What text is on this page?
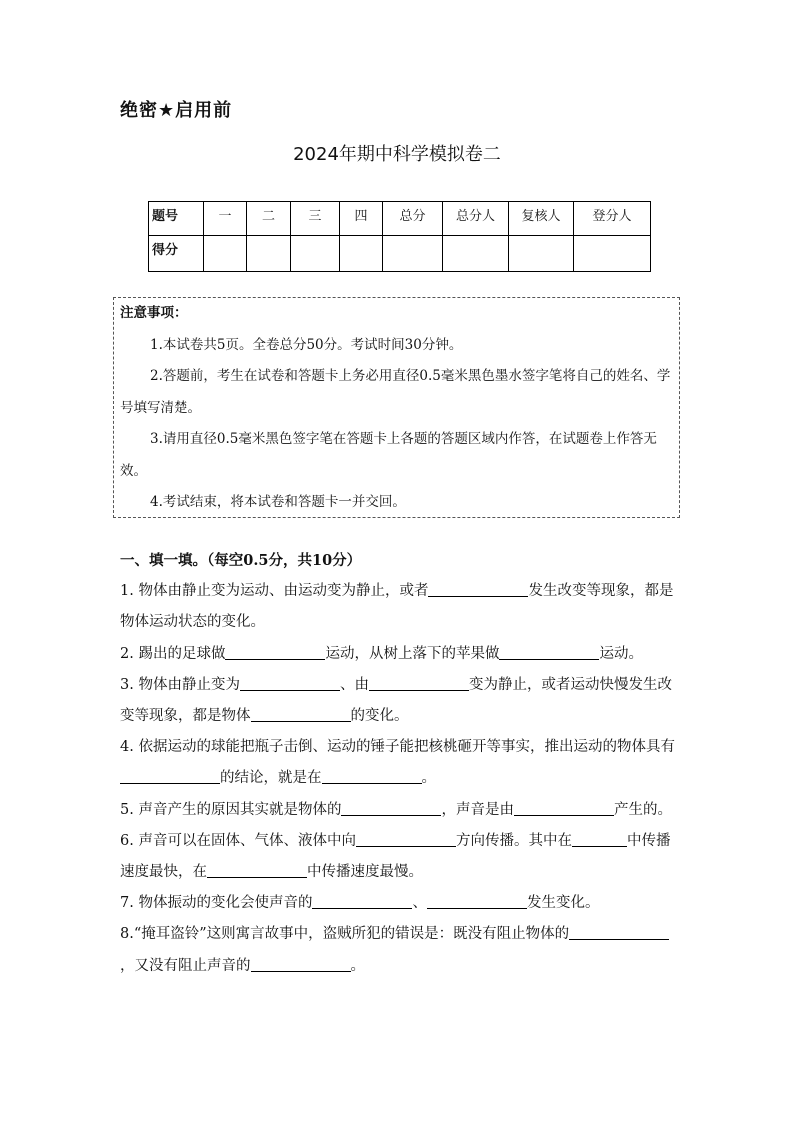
绝密★启用前
2024年期中科学模拟卷二
题号	一	二	三	四	总分	总分人	复核人	登分人
得分								
注意事项：
1.本试卷共5页。全卷总分50分。考试时间30分钟。
2.答题前，考生在试卷和答题卡上务必用直径0.5毫米黑色墨水签字笔将自己的姓名、学号填写清楚。
3.请用直径0.5毫米黑色签字笔在答题卡上各题的答题区域内作答，在试题卷上作答无效。
4.考试结束，将本试卷和答题卡一并交回。
一、填一填。（每空0.5分，共10分）
1. 物体由静止变为运动、由运动变为静止，或者	发生改变等现象，都是物体运动状态的变化。
2. 踢出的足球做	运动，从树上落下的苹果做	运动。
3. 物体由静止变为	、由	变为静止，或者运动快慢发生改变等现象，都是物体	的变化。
4. 依据运动的球能把瓶子击倒、运动的锤子能把核桃砸开等事实，推出运动的物体具有的结论，就是在	。
5. 声音产生的原因其实就是物体的	，声音是由	产生的。
6. 声音可以在固体、气体、液体中向	方向传播。其中在	中传播速度最快，在	中传播速度最慢。
7. 物体振动的变化会使声音的	、	发生变化。
8.“掩耳盗铃”这则寓言故事中，盗贼所犯的错误是：既没有阻止物体的，又没有阻止声音的	。
